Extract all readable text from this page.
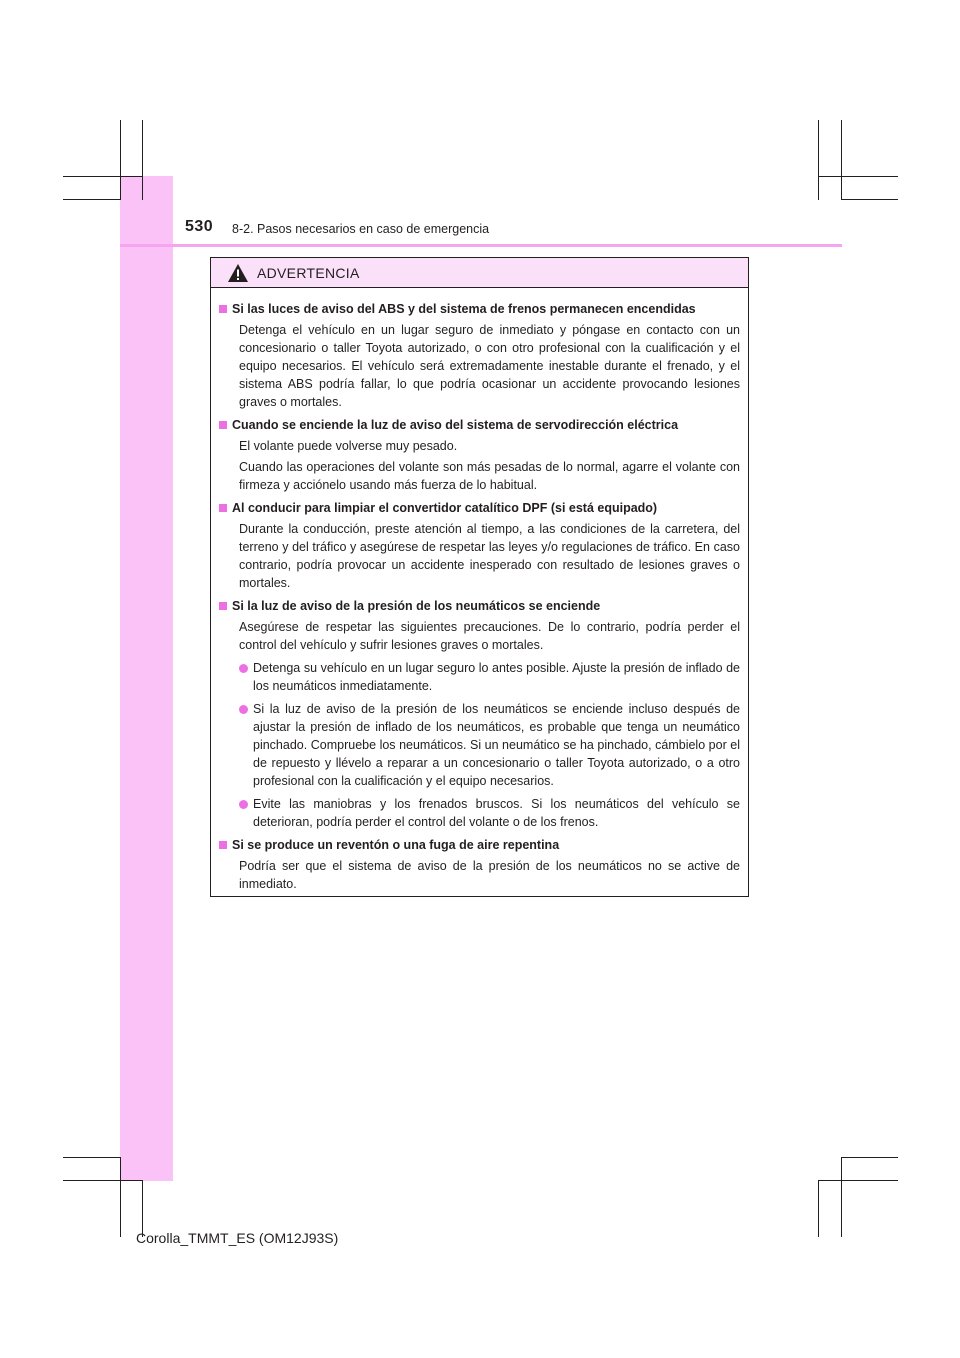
530 8-2. Pasos necesarios en caso de emergencia
ADVERTENCIA
Si las luces de aviso del ABS y del sistema de frenos permanecen encendidas
Detenga el vehículo en un lugar seguro de inmediato y póngase en contacto con un concesionario o taller Toyota autorizado, o con otro profesional con la cualificación y el equipo necesarios. El vehículo será extremadamente inestable durante el frenado, y el sistema ABS podría fallar, lo que podría ocasionar un accidente provocando lesiones graves o mortales.
Cuando se enciende la luz de aviso del sistema de servodirección eléctrica
El volante puede volverse muy pesado.
Cuando las operaciones del volante son más pesadas de lo normal, agarre el volante con firmeza y acciónelo usando más fuerza de lo habitual.
Al conducir para limpiar el convertidor catalítico DPF (si está equipado)
Durante la conducción, preste atención al tiempo, a las condiciones de la carretera, del terreno y del tráfico y asegúrese de respetar las leyes y/o regulaciones de tráfico. En caso contrario, podría provocar un accidente inesperado con resultado de lesiones graves o mortales.
Si la luz de aviso de la presión de los neumáticos se enciende
Asegúrese de respetar las siguientes precauciones. De lo contrario, podría perder el control del vehículo y sufrir lesiones graves o mortales.
Detenga su vehículo en un lugar seguro lo antes posible. Ajuste la presión de inflado de los neumáticos inmediatamente.
Si la luz de aviso de la presión de los neumáticos se enciende incluso después de ajustar la presión de inflado de los neumáticos, es probable que tenga un neumático pinchado. Compruebe los neumáticos. Si un neumático se ha pinchado, cámbielo por el de repuesto y llévelo a reparar a un concesionario o taller Toyota autorizado, o a otro profesional con la cualificación y el equipo necesarios.
Evite las maniobras y los frenados bruscos. Si los neumáticos del vehículo se deterioran, podría perder el control del volante o de los frenos.
Si se produce un reventón o una fuga de aire repentina
Podría ser que el sistema de aviso de la presión de los neumáticos no se active de inmediato.
Corolla_TMMT_ES (OM12J93S)
